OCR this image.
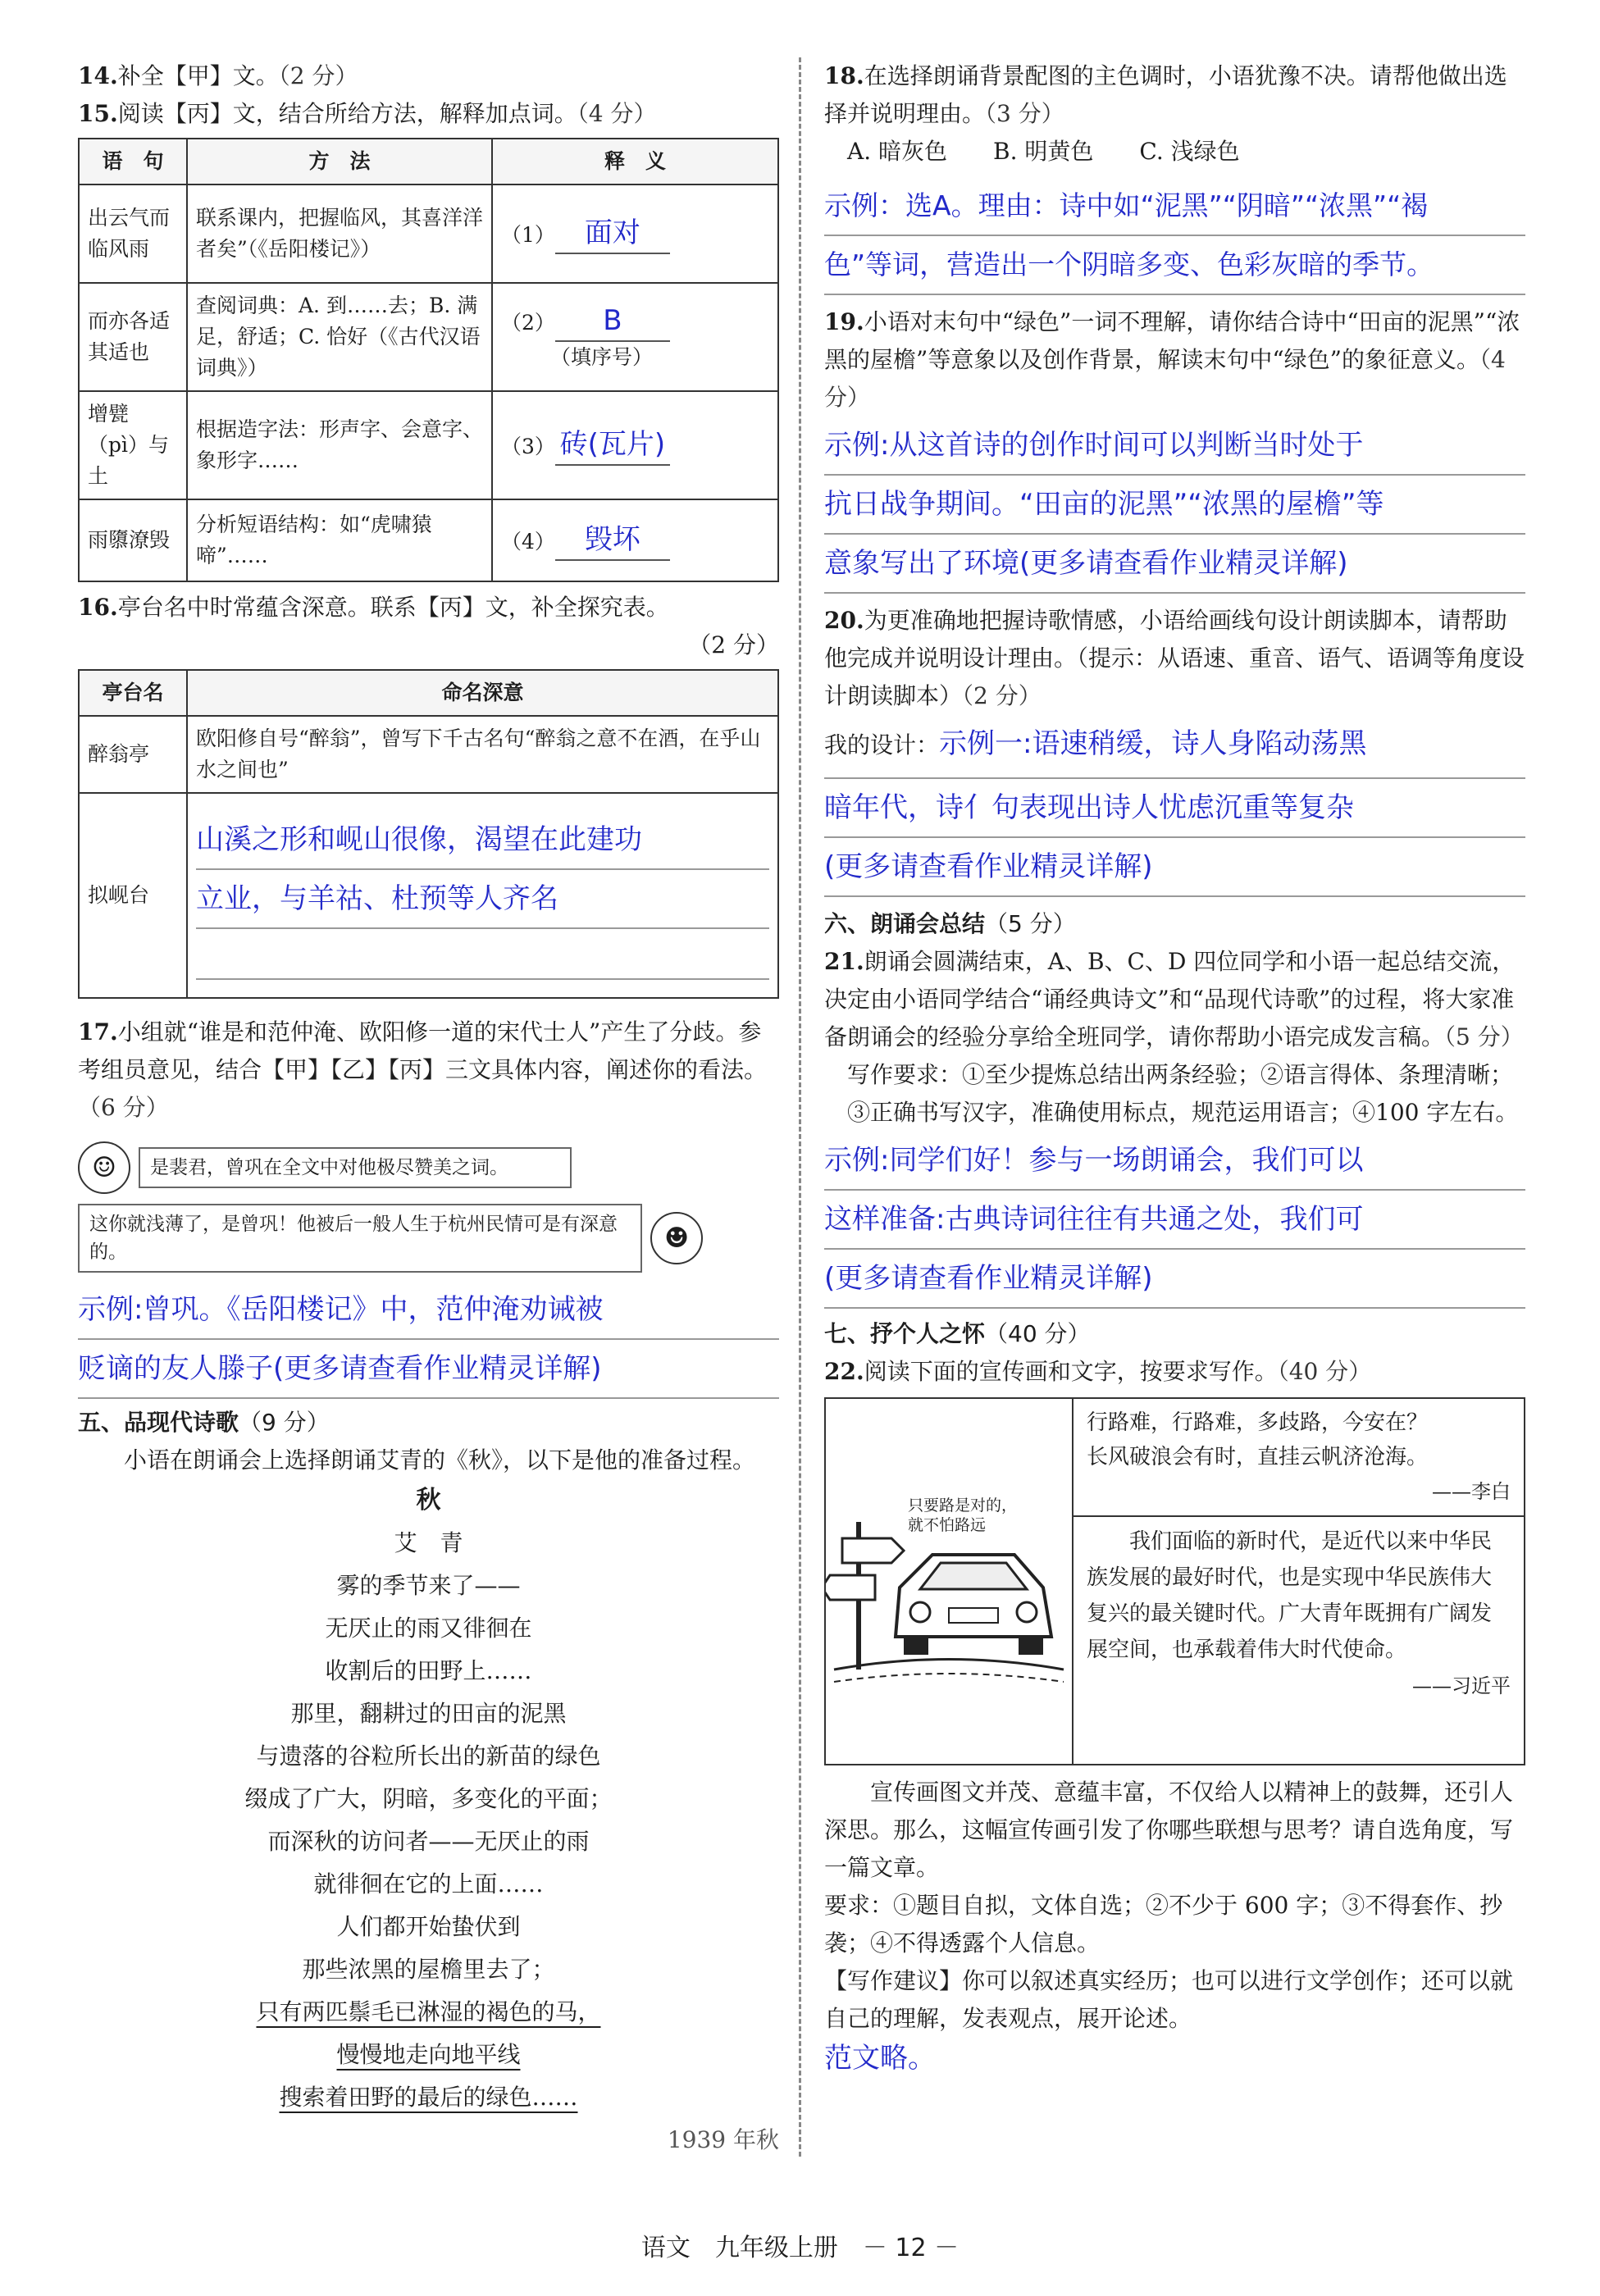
14.补全【甲】文。（2 分）

15.阅读【丙】文，结合所给方法，解释加点词。（4 分）

语　句	方　法	释　义
出云气而临风雨	联系课内，把握临风，其喜洋洋者矣”（《岳阳楼记》）	（1） 面对
而亦各适其适也	查阅词典：A. 到……去；B. 满足，舒适；C. 恰好（《古代汉语词典》）	（2） B
（填序号）
增甓（pì）与土	根据造字法：形声字、会意字、象形字……	（3） 砖(瓦片)
雨隳潦毁	分析短语结构：如“虎啸猿啼”……	（4） 毁坏

16.亭台名中时常蕴含深意。联系【丙】文，补全探究表。

（2 分）

亭台名	命名深意
醉翁亭	欧阳修自号“醉翁”，曾写下千古名句“醉翁之意不在酒，在乎山水之间也”
拟岘台	山溪之形和岘山很像，渴望在此建功
立业，与羊祜、杜预等人齐名

17.小组就“谁是和范仲淹、欧阳修一道的宋代士人”产生了分歧。参考组员意见，结合【甲】【乙】【丙】三文具体内容，阐述你的看法。（6 分）

☺	是裴君，曾巩在全文中对他极尽赞美之词。
这你就浅薄了，是曾巩！他被后一般人生于杭州民情可是有深意的。	☻
示例:曾巩。《岳阳楼记》中，范仲淹劝诫被
贬谪的友人滕子(更多请查看作业精灵详解)

五、品现代诗歌（9 分）

小语在朗诵会上选择朗诵艾青的《秋》，以下是他的准备过程。

秋
艾　青
雾的季节来了——
无厌止的雨又徘徊在
收割后的田野上……
那里，翻耕过的田亩的泥黑
与遗落的谷粒所长出的新苗的绿色
缀成了广大，阴暗，多变化的平面；
而深秋的访问者——无厌止的雨
就徘徊在它的上面……
人们都开始蛰伏到
那些浓黑的屋檐里去了；
只有两匹鬃毛已淋湿的褐色的马，
慢慢地走向地平线
搜索着田野的最后的绿色……
1939 年秋

18.在选择朗诵背景配图的主色调时，小语犹豫不决。请帮他做出选择并说明理由。（3 分）

A. 暗灰色　　B. 明黄色　　C. 浅绿色

示例：选A。理由：诗中如“泥黑”“阴暗”“浓黑”“褐
色”等词，营造出一个阴暗多变、色彩灰暗的季节。

19.小语对末句中“绿色”一词不理解，请你结合诗中“田亩的泥黑”“浓黑的屋檐”等意象以及创作背景，解读末句中“绿色”的象征意义。（4 分）

示例:从这首诗的创作时间可以判断当时处于
抗日战争期间。“田亩的泥黑”“浓黑的屋檐”等
意象写出了环境(更多请查看作业精灵详解)

20.为更准确地把握诗歌情感，小语给画线句设计朗读脚本，请帮助他完成并说明设计理由。（提示：从语速、重音、语气、语调等角度设计朗读脚本）（2 分）

我的设计：示例一:语速稍缓，诗人身陷动荡黑
暗年代，诗亻句表现出诗人忧虑沉重等复杂
(更多请查看作业精灵详解)

六、朗诵会总结（5 分）

21.朗诵会圆满结束，A、B、C、D 四位同学和小语一起总结交流，决定由小语同学结合“诵经典诗文”和“品现代诗歌”的过程，将大家准备朗诵会的经验分享给全班同学，请你帮助小语完成发言稿。（5 分）

写作要求：①至少提炼总结出两条经验；②语言得体、条理清晰；③正确书写汉字，准确使用标点，规范运用语言；④100 字左右。

示例:同学们好！参与一场朗诵会，我们可以
这样准备:古典诗词往往有共通之处，我们可
(更多请查看作业精灵详解)

七、抒个人之怀（40 分）

22.阅读下面的宣传画和文字，按要求写作。（40 分）

只要路是对的，就不怕路远
行路难，行路难，多歧路，今安在？
长风破浪会有时，直挂云帆济沧海。
——李白
我们面临的新时代，是近代以来中华民族发展的最好时代，也是实现中华民族伟大复兴的最关键时代。广大青年既拥有广阔发展空间，也承载着伟大时代使命。
——习近平

宣传画图文并茂、意蕴丰富，不仅给人以精神上的鼓舞，还引人深思。那么，这幅宣传画引发了你哪些联想与思考？请自选角度，写一篇文章。

要求：①题目自拟，文体自选；②不少于 600 字；③不得套作、抄袭；④不得透露个人信息。

【写作建议】你可以叙述真实经历；也可以进行文学创作；还可以就自己的理解，发表观点，展开论述。

范文略。
语文　九年级上册　－ 12 －
